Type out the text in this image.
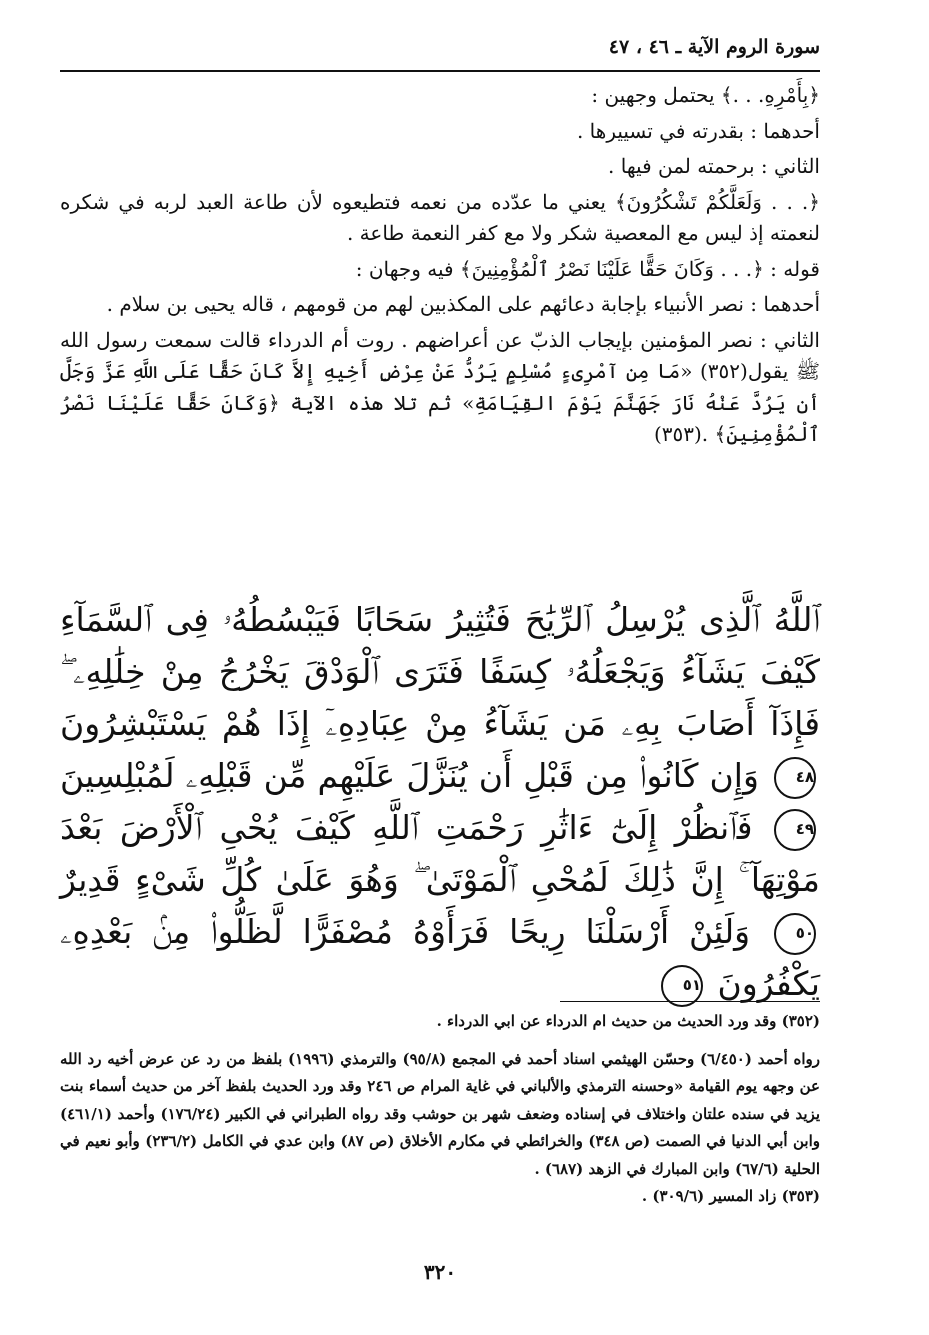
سورة الروم الآية ـ ٤٦ ، ٤٧

﴿بِأَمْرِهِ. . .﴾ يحتمل وجهين :

أحدهما : بقدرته في تسييرها .

الثاني : برحمته لمن فيها .

﴿. . . وَلَعَلَّكُمْ تَشْكُرُونَ﴾ يعني ما عدّده من نعمه فتطيعوه لأن طاعة العبد لربه في شكره لنعمته إذ ليس مع المعصية شكر ولا مع كفر النعمة طاعة .

قوله : ﴿. . . وَكَانَ حَقًّا عَلَيْنَا نَصْرُ ٱلْمُؤْمِنِينَ﴾ فيه وجهان :

أحدهما : نصر الأنبياء بإجابة دعائهم على المكذبين لهم من قومهم ، قاله يحيى بن سلام .

الثاني : نصر المؤمنين بإيجاب الذبّ عن أعراضهم . روت أم الدرداء قالت سمعت رسول الله ﷺ يقول(٣٥٢) «مَا مِن آمْرِىءٍ مُسْلِمٍ يَرُدُّ عَنْ عِرْضِ أَخِيهِ إِلاَّ كَانَ حَقًّا عَلَى اللَّهِ عَزَّ وَجَلَّ أن يَرُدَّ عَنْهُ نَارَ جَهَنَّمَ يَوْمَ القِيَامَةِ» ثم تلا هذه الآية ﴿وَكَانَ حَقًّا عَلَيْنَا نَصْرُ ٱلْمُؤْمِنِينَ﴾ .(٣٥٣)

ٱللَّهُ ٱلَّذِى يُرْسِلُ ٱلرِّيَٰحَ فَتُثِيرُ سَحَابًا فَيَبْسُطُهُۥ فِى ٱلسَّمَآءِ كَيْفَ يَشَآءُ وَيَجْعَلُهُۥ كِسَفًا فَتَرَى ٱلْوَدْقَ يَخْرُجُ مِنْ خِلَٰلِهِۦ ۖ فَإِذَآ أَصَابَ بِهِۦ مَن يَشَآءُ مِنْ عِبَادِهِۦٓ إِذَا هُمْ يَسْتَبْشِرُونَ ٤٨ وَإِن كَانُوا۟ مِن قَبْلِ أَن يُنَزَّلَ عَلَيْهِم مِّن قَبْلِهِۦ لَمُبْلِسِينَ ٤٩ فَٱنظُرْ إِلَىٰٓ ءَاثَٰرِ رَحْمَتِ ٱللَّهِ كَيْفَ يُحْىِ ٱلْأَرْضَ بَعْدَ مَوْتِهَآ ۚ إِنَّ ذَٰلِكَ لَمُحْىِ ٱلْمَوْتَىٰ ۖ وَهُوَ عَلَىٰ كُلِّ شَىْءٍ قَدِيرٌ ٥٠ وَلَئِنْ أَرْسَلْنَا رِيحًا فَرَأَوْهُ مُصْفَرًّا لَّظَلُّوا۟ مِنۢ بَعْدِهِۦ يَكْفُرُونَ ٥١

(٣٥٢) وقد ورد الحديث من حديث ام الدرداء عن ابي الدرداء .

رواه أحمد (٦/٤٥٠) وحسّن الهيثمي اسناد أحمد في المجمع (٩٥/٨) والترمذي (١٩٩٦) بلفظ من رد عن عرض أخيه رد الله عن وجهه يوم القيامة «وحسنه الترمذي والألباني في غاية المرام ص ٢٤٦ وقد ورد الحديث بلفظ آخر من حديث أسماء بنت يزيد في سنده علتان واختلاف في إسناده وضعف شهر بن حوشب وقد رواه الطبراني في الكبير (١٧٦/٢٤) وأحمد (٤٦١/١) وابن أبي الدنيا في الصمت (ص ٣٤٨) والخرائطي في مكارم الأخلاق (ص ٨٧) وابن عدي في الكامل (٢٣٦/٢) وأبو نعيم في الحلية (٦٧/٦) وابن المبارك في الزهد (٦٨٧) .

(٣٥٣) زاد المسير (٣٠٩/٦) .

٣٢٠
